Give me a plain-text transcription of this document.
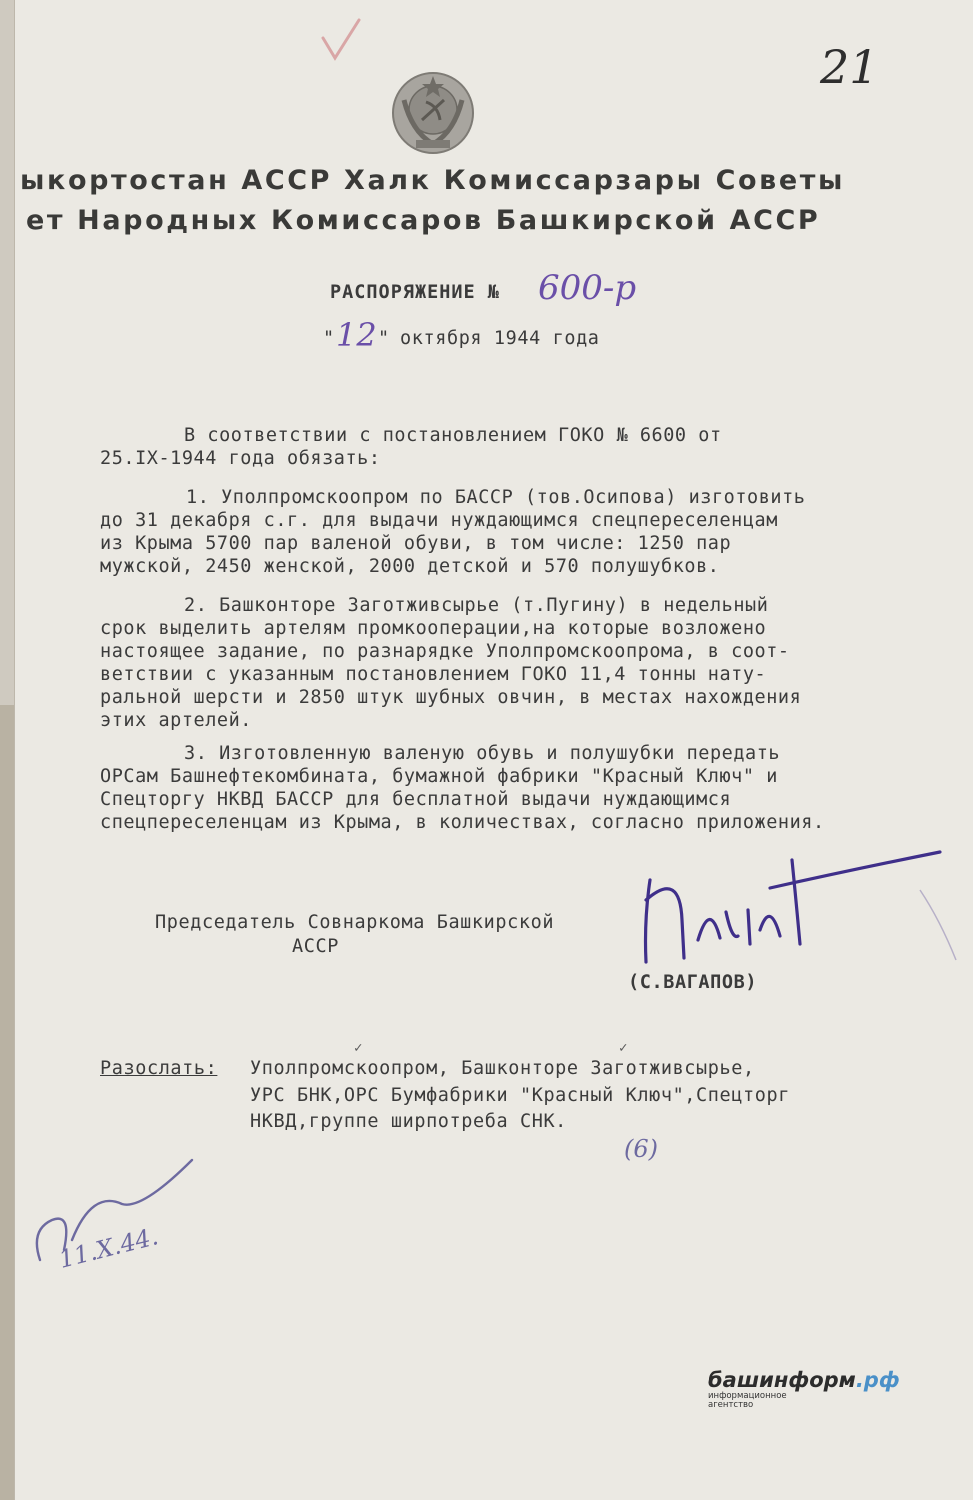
21
ыкортостан АССР Халк Комиссарзары Советы
ет Народных Комиссаров Башкирской АССР
РАСПОРЯЖЕНИЕ № 600-р
" 12 " октября 1944 года
В соответствии с постановлением ГОКО № 6600 от
25.IX-1944 года обязать:
1. Уполпромскоопром по БАССР (тов.Осипова) изготовить
до 31 декабря с.г. для выдачи нуждающимся спецпереселенцам
из Крыма 5700 пар валеной обуви, в том числе: 1250 пар
мужской, 2450 женской, 2000 детской и 570 полушубков.
2. Башконторе Заготживсырье (т.Пугину) в недельный
срок выделить артелям промкооперации,на которые возложено
настоящее задание, по разнарядке Уполпромскоопрома, в соот-
ветствии с указанным постановлением ГОКО 11,4 тонны нату-
ральной шерсти и 2850 штук шубных овчин, в местах нахождения
этих артелей.
3. Изготовленную валеную обувь и полушубки передать
ОРСам Башнефтекомбината, бумажной фабрики "Красный Ключ" и
Спецторгу НКВД БАССР для бесплатной выдачи нуждающимся
спецпереселенцам из Крыма, в количествах, согласно приложения.
Председатель Совнаркома Башкирской
АССР
(С.ВАГАПОВ)
✓	✓
Разослать: Уполпромскоопром, Башконторе Заготживсырье,
УРС БНК,ОРС Бумфабрики "Красный Ключ",Спецторг
НКВД,группе ширпотреба СНК.
(6)
11.X.44.
башинформ.рф
информационное
агентство
